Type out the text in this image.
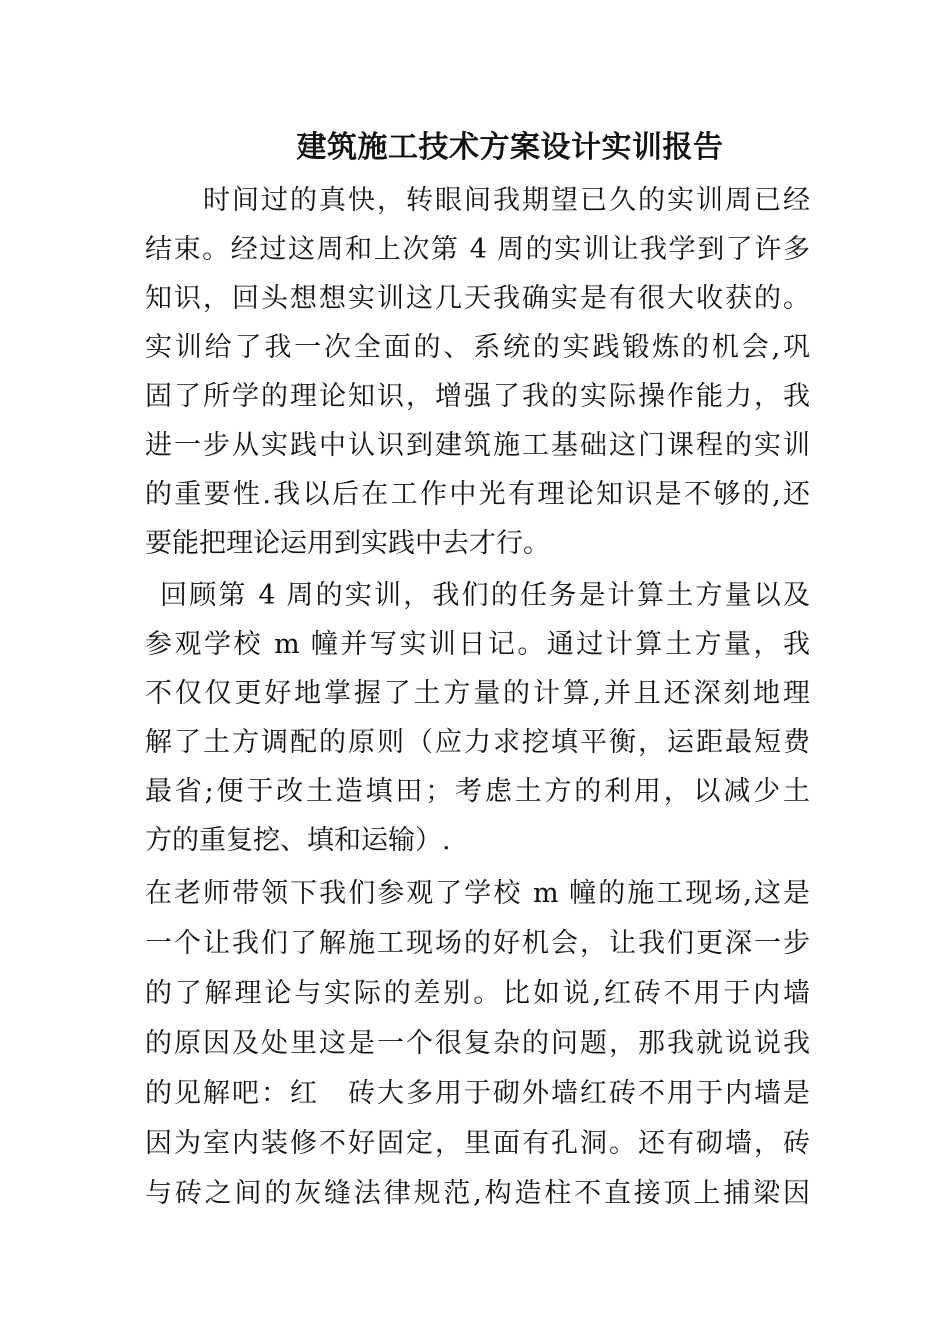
建筑施工技术方案设计实训报告
时间过的真快，转眼间我期望已久的实训周已经
结束。经过这周和上次第 4 周的实训让我学到了许多
知识，回头想想实训这几天我确实是有很大收获的。
实训给了我一次全面的、系统的实践锻炼的机会,巩
固了所学的理论知识，增强了我的实际操作能力，我
进一步从实践中认识到建筑施工基础这门课程的实训
的重要性.我以后在工作中光有理论知识是不够的,还
要能把理论运用到实践中去才行。
回顾第 4 周的实训，我们的任务是计算土方量以及
参观学校 m 幢并写实训日记。通过计算土方量，我
不仅仅更好地掌握了土方量的计算,并且还深刻地理
解了土方调配的原则（应力求挖填平衡，运距最短费
最省;便于改土造填田；考虑土方的利用，以减少土
方的重复挖、填和运输）.
在老师带领下我们参观了学校 m 幢的施工现场,这是
一个让我们了解施工现场的好机会，让我们更深一步
的了解理论与实际的差别。比如说,红砖不用于内墙
的原因及处里这是一个很复杂的问题，那我就说说我
的见解吧：红　砖大多用于砌外墙红砖不用于内墙是
因为室内装修不好固定，里面有孔洞。还有砌墙，砖
与砖之间的灰缝法律规范,构造柱不直接顶上捕梁因
